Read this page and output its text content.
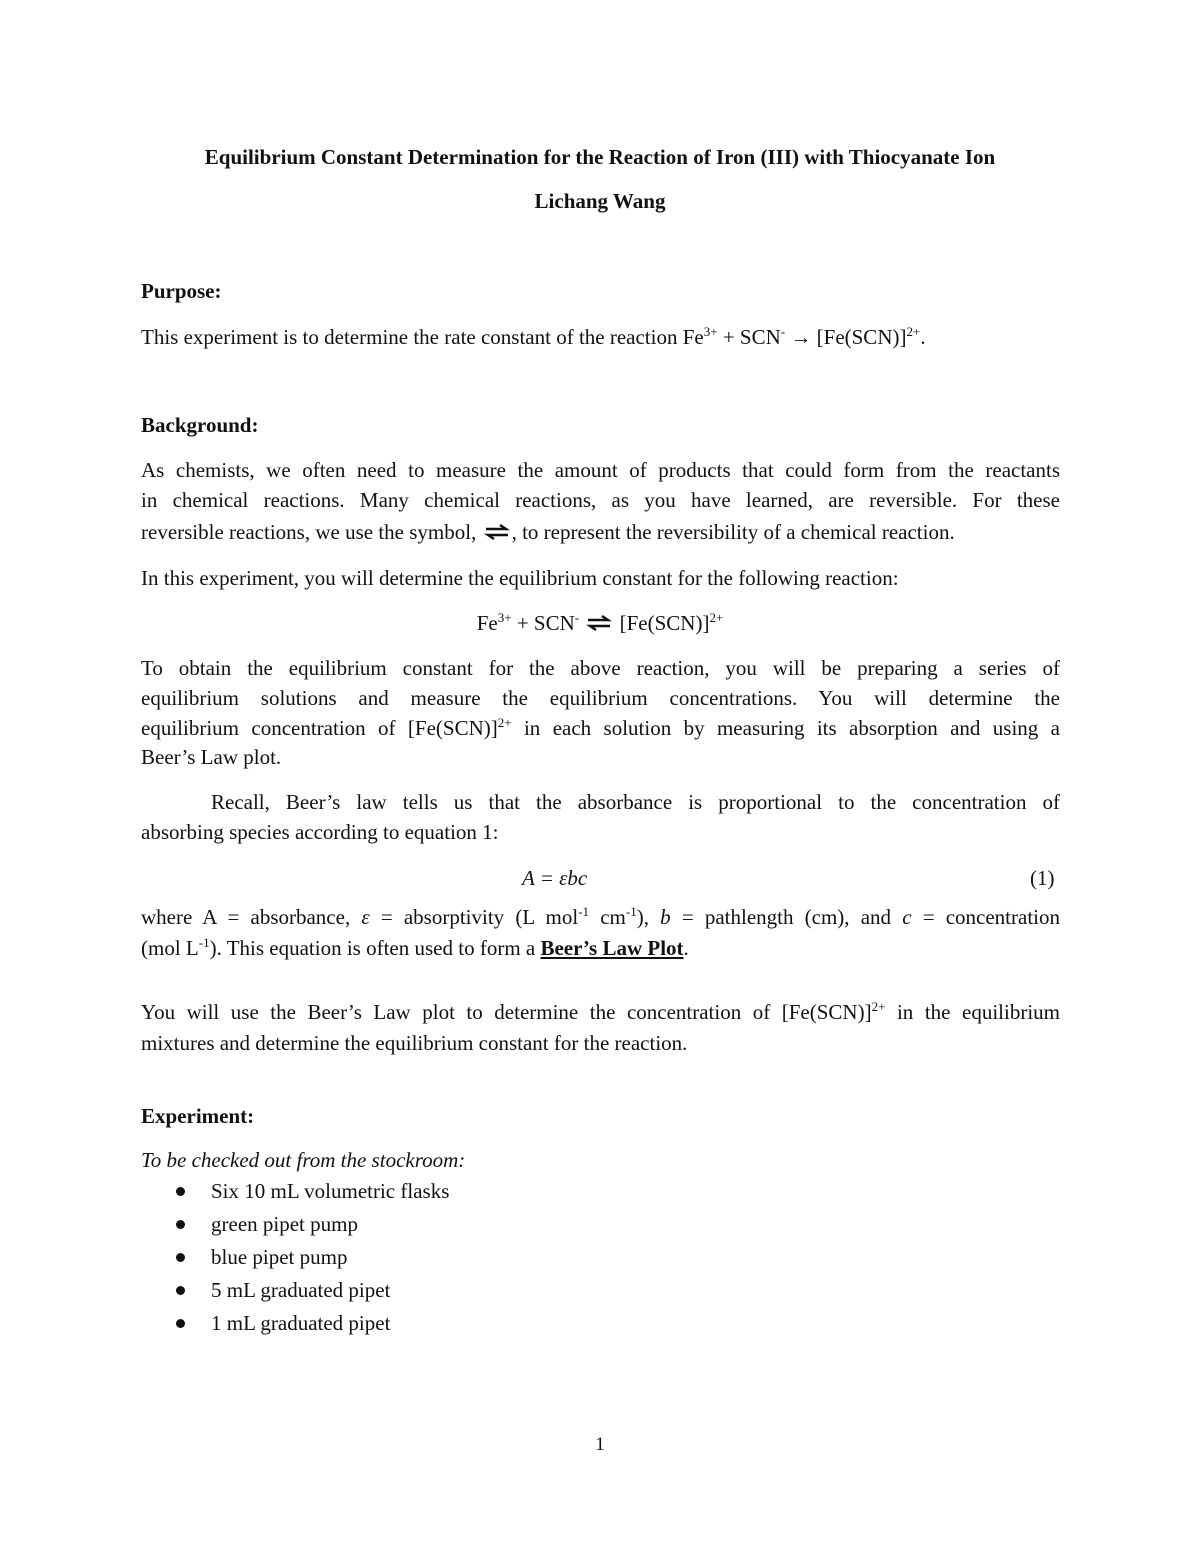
Equilibrium Constant Determination for the Reaction of Iron (III) with Thiocyanate Ion
Lichang Wang
Purpose:
This experiment is to determine the rate constant of the reaction $Fe^{3+} + SCN^- \to [Fe(SCN)]^{2+}$.
Background:
As chemists, we often need to measure the amount of products that could form from the reactants
in chemical reactions. Many chemical reactions, as you have learned, are reversible. For these
reversible reactions, we use the symbol, ⇌ , to represent the reversibility of a chemical reaction.
In this experiment, you will determine the equilibrium constant for the following reaction:
$Fe^{3+} + SCN^-$ ⇌ $[Fe(SCN)]^{2+}$
To obtain the equilibrium constant for the above reaction, you will be preparing a series of
equilibrium solutions and measure the equilibrium concentrations. You will determine the
equilibrium concentration of $[Fe(SCN)]^{2+}$ in each solution by measuring its absorption and using a
Beer’s Law plot.
Recall, Beer’s law tells us that the absorbance is proportional to the concentration of
absorbing species according to equation 1:
A = εbc	(1)
where A = absorbance, ε = absorptivity (L mol$^{-1}$ $cm^{-1}$), b = pathlength (cm), and c = concentration
(mol $L^{-1}$). This equation is often used to form a Beer’s Law Plot.
You will use the Beer’s Law plot to determine the concentration of $[Fe(SCN)]^{2+}$ in the equilibrium
mixtures and determine the equilibrium constant for the reaction.
Experiment:
To be checked out from the stockroom:
Six 10 mL volumetric flasks
green pipet pump
blue pipet pump
5 mL graduated pipet
1 mL graduated pipet
1
